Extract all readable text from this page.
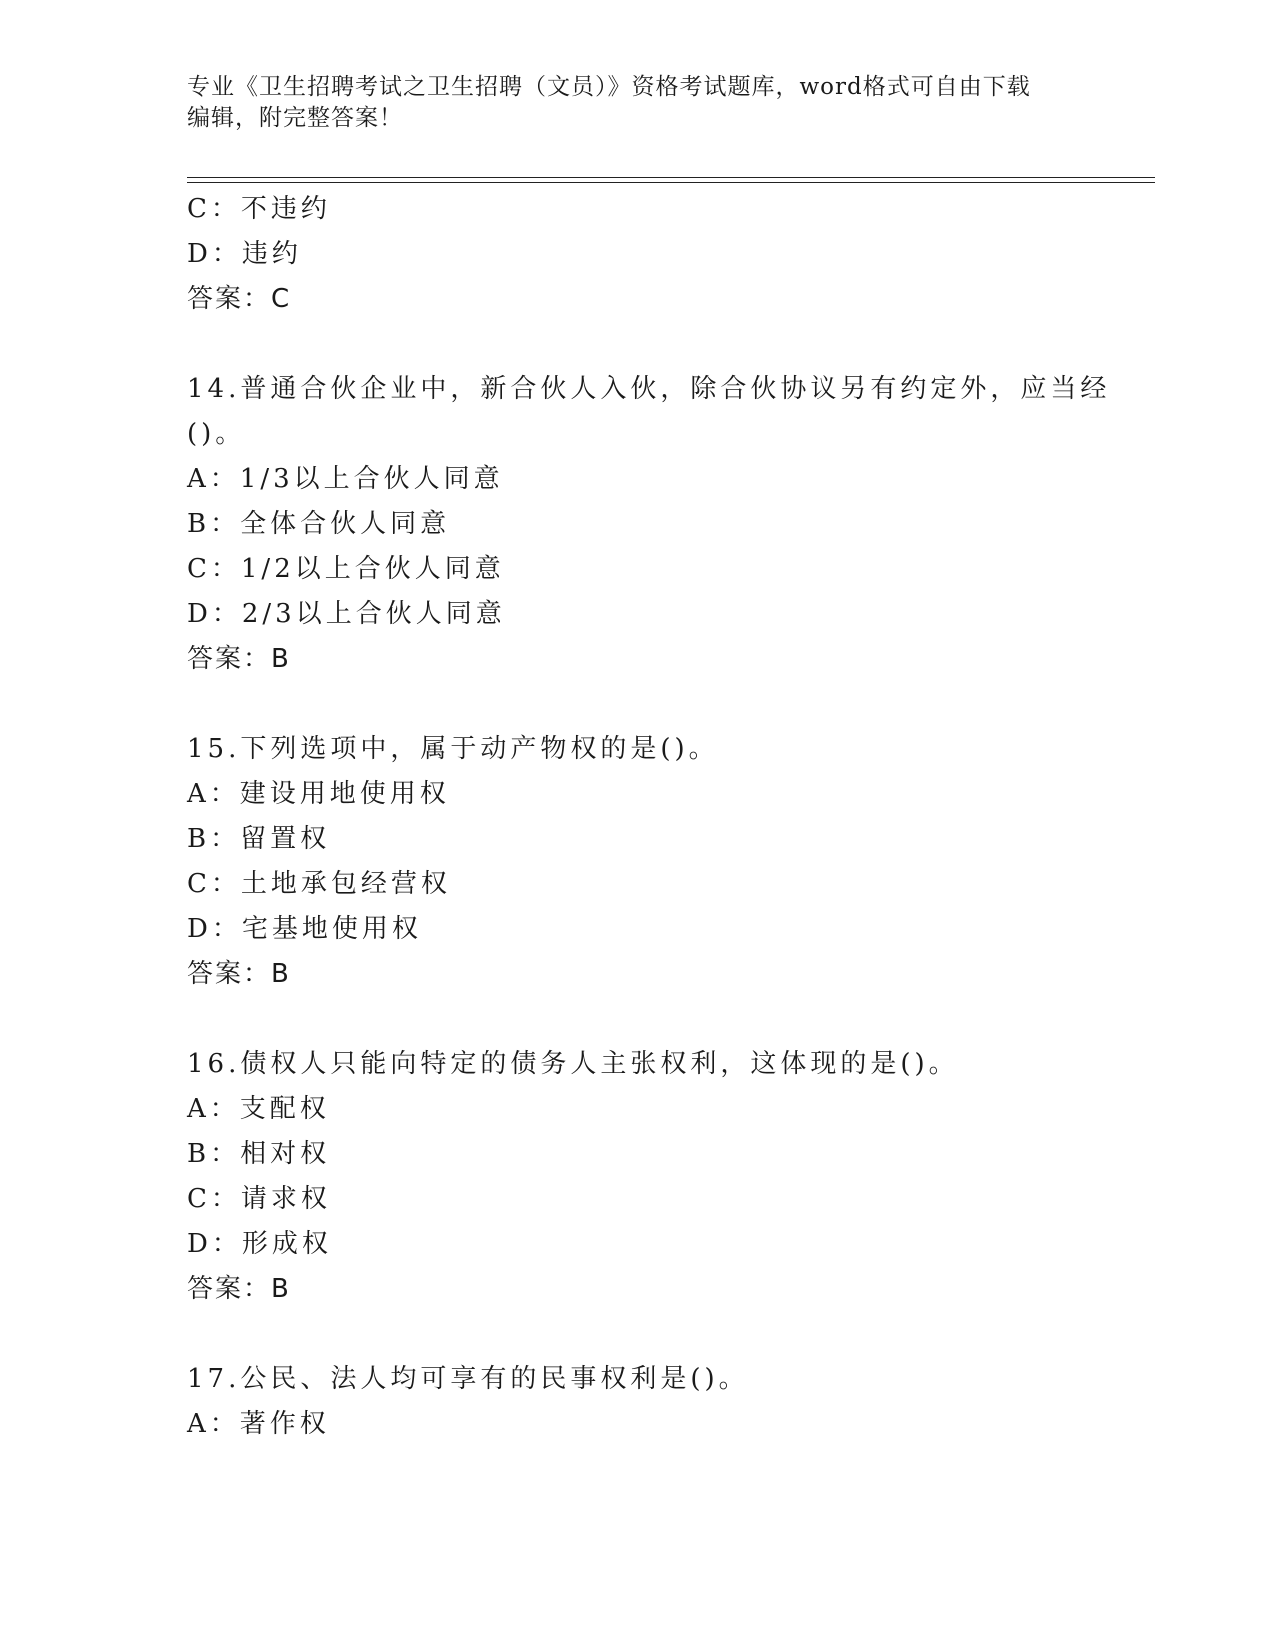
专业《卫生招聘考试之卫生招聘（文员）》资格考试题库，word格式可自由下载
编辑，附完整答案！
C：不违约
D：违约
答案：C
14.普通合伙企业中，新合伙人入伙，除合伙协议另有约定外，应当经
()。
A：1/3以上合伙人同意
B：全体合伙人同意
C：1/2以上合伙人同意
D：2/3以上合伙人同意
答案：B
15.下列选项中，属于动产物权的是()。
A：建设用地使用权
B：留置权
C：土地承包经营权
D：宅基地使用权
答案：B
16.债权人只能向特定的债务人主张权利，这体现的是()。
A：支配权
B：相对权
C：请求权
D：形成权
答案：B
17.公民、法人均可享有的民事权利是()。
A：著作权
